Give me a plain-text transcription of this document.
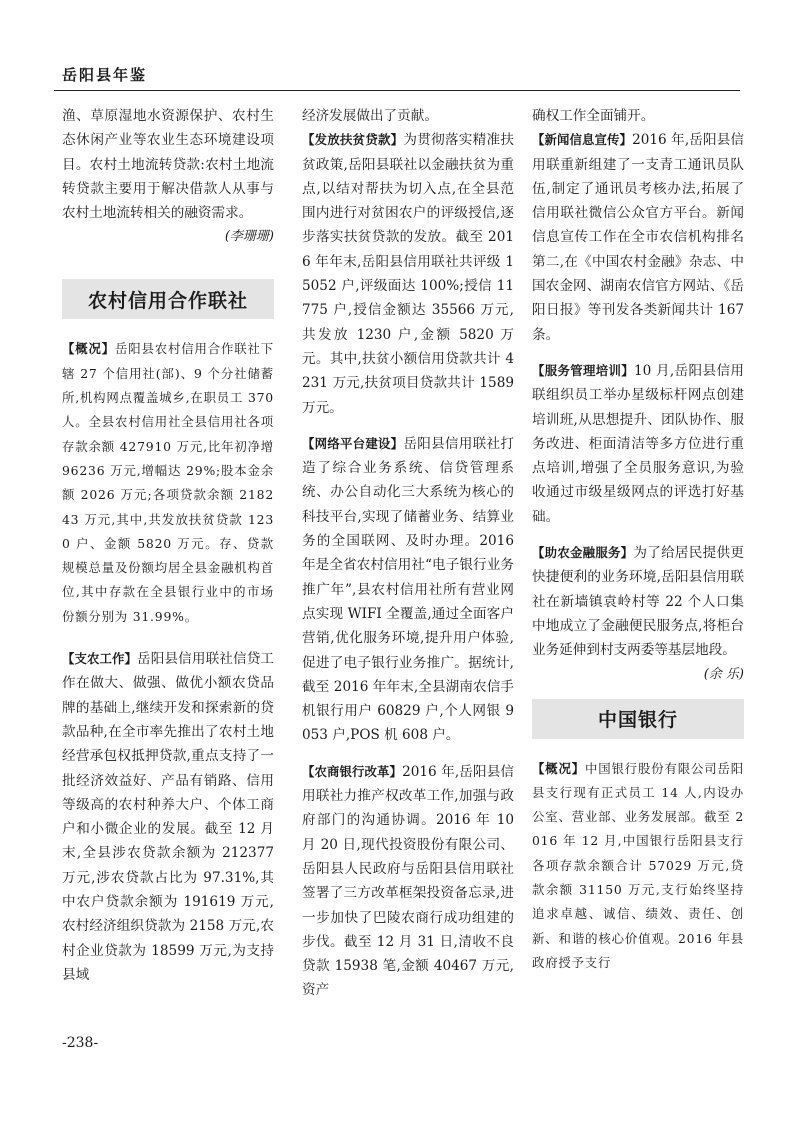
岳阳县年鉴

渔、草原湿地水资源保护、农村生态休闲产业等农业生态环境建设项目。农村土地流转贷款:农村土地流转贷款主要用于解决借款人从事与农村土地流转相关的融资需求。

(李珊珊)

农村信用合作联社

【概况】岳阳县农村信用合作联社下辖 27 个信用社(部)、9 个分社储蓄所,机构网点覆盖城乡,在职员工 370 人。全县农村信用社全县信用社各项存款余额 427910 万元,比年初净增 96236 万元,增幅达 29%;股本金余额 2026 万元;各项贷款余额 218243 万元,其中,共发放扶贫贷款 1230 户、金额 5820 万元。存、贷款规模总量及份额均居全县金融机构首位,其中存款在全县银行业中的市场份额分别为 31.99%。

【支农工作】岳阳县信用联社信贷工作在做大、做强、做优小额农贷品牌的基础上,继续开发和探索新的贷款品种,在全市率先推出了农村土地经营承包权抵押贷款,重点支持了一批经济效益好、产品有销路、信用等级高的农村种养大户、个体工商户和小微企业的发展。截至 12 月末,全县涉农贷款余额为 212377 万元,涉农贷款占比为 97.31%,其中农户贷款余额为 191619 万元,农村经济组织贷款为 2158 万元,农村企业贷款为 18599 万元,为支持县域

经济发展做出了贡献。

【发放扶贫贷款】为贯彻落实精准扶贫政策,岳阳县联社以金融扶贫为重点,以结对帮扶为切入点,在全县范围内进行对贫困农户的评级授信,逐步落实扶贫贷款的发放。截至 2016 年年末,岳阳县信用联社共评级 15052 户,评级面达 100%;授信 11775 户,授信金额达 35566 万元,共发放 1230 户,金额 5820 万元。其中,扶贫小额信用贷款共计 4231 万元,扶贫项目贷款共计 1589 万元。

【网络平台建设】岳阳县信用联社打造了综合业务系统、信贷管理系统、办公自动化三大系统为核心的科技平台,实现了储蓄业务、结算业务的全国联网、及时办理。2016 年是全省农村信用社“电子银行业务推广年”,县农村信用社所有营业网点实现 WIFI 全覆盖,通过全面客户营销,优化服务环境,提升用户体验,促进了电子银行业务推广。据统计,截至 2016 年年末,全县湖南农信手机银行用户 60829 户,个人网银 9053 户,POS 机 608 户。

【农商银行改革】2016 年,岳阳县信用联社力推产权改革工作,加强与政府部门的沟通协调。2016 年 10 月 20 日,现代投资股份有限公司、岳阳县人民政府与岳阳县信用联社签署了三方改革框架投资备忘录,进一步加快了巴陵农商行成功组建的步伐。截至 12 月 31 日,清收不良贷款 15938 笔,金额 40467 万元,资产

确权工作全面铺开。

【新闻信息宣传】2016 年,岳阳县信用联重新组建了一支青工通讯员队伍,制定了通讯员考核办法,拓展了信用联社微信公众官方平台。新闻信息宣传工作在全市农信机构排名第二,在《中国农村金融》杂志、中国农金网、湖南农信官方网站、《岳阳日报》等刊发各类新闻共计 167 条。

【服务管理培训】10 月,岳阳县信用联组织员工举办星级标杆网点创建培训班,从思想提升、团队协作、服务改进、柜面清洁等多方位进行重点培训,增强了全员服务意识,为验收通过市级星级网点的评选打好基础。

【助农金融服务】为了给居民提供更快捷便利的业务环境,岳阳县信用联社在新墙镇袁岭村等 22 个人口集中地成立了金融便民服务点,将柜台业务延伸到村支两委等基层地段。

(余 乐)

中国银行

【概况】中国银行股份有限公司岳阳县支行现有正式员工 14 人,内设办公室、营业部、业务发展部。截至 2016 年 12 月,中国银行岳阳县支行各项存款余额合计 57029 万元,贷款余额 31150 万元,支行始终坚持追求卓越、诚信、绩效、责任、创新、和谐的核心价值观。2016 年县政府授予支行

-238-
